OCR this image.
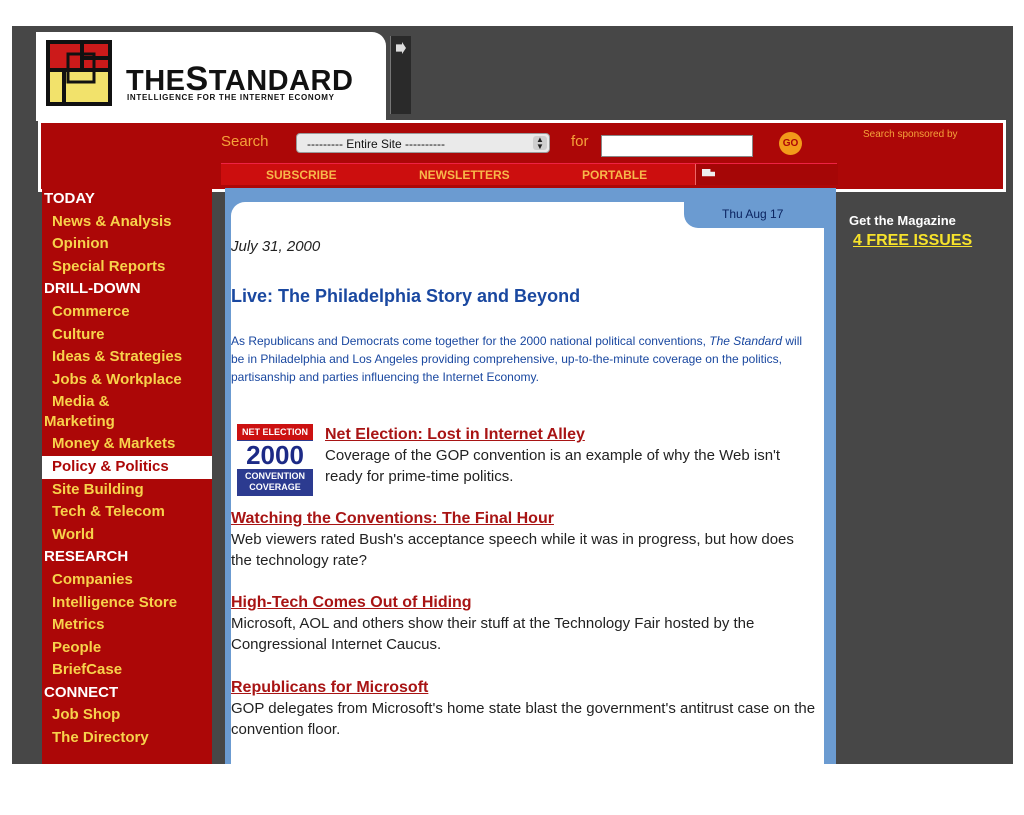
THESTANDARD
INTELLIGENCE FOR THE INTERNET ECONOMY
Search	--------- Entire Site ----------	▲
▼ for	GO
Search sponsored by
SUBSCRIBE	NEWSLETTERS	PORTABLE
TODAY
News & Analysis
Opinion
Special Reports
DRILL-DOWN
Commerce
Culture
Ideas & Strategies
Jobs & Workplace
Media &
Marketing
Money & Markets
Policy & Politics
Site Building
Tech & Telecom
World
RESEARCH
Companies
Intelligence Store
Metrics
People
BriefCase
CONNECT
Job Shop
The Directory
Thu Aug 17
July 31, 2000
Live: The Philadelphia Story and Beyond
As Republicans and Democrats come together for the 2000 national political conventions, The Standard will be in Philadelphia and Los Angeles providing comprehensive, up-to-the-minute coverage on the politics, partisanship and parties influencing the Internet Economy.
NET ELECTION
2000
CONVENTION COVERAGE
Net Election: Lost in Internet Alley
Coverage of the GOP convention is an example of why the Web isn't ready for prime-time politics.
Watching the Conventions: The Final Hour
Web viewers rated Bush's acceptance speech while it was in progress, but how does the technology rate?
High-Tech Comes Out of Hiding
Microsoft, AOL and others show their stuff at the Technology Fair hosted by the Congressional Internet Caucus.
Republicans for Microsoft
GOP delegates from Microsoft's home state blast the government's antitrust case on the convention floor.
Get the Magazine
4 FREE ISSUES
